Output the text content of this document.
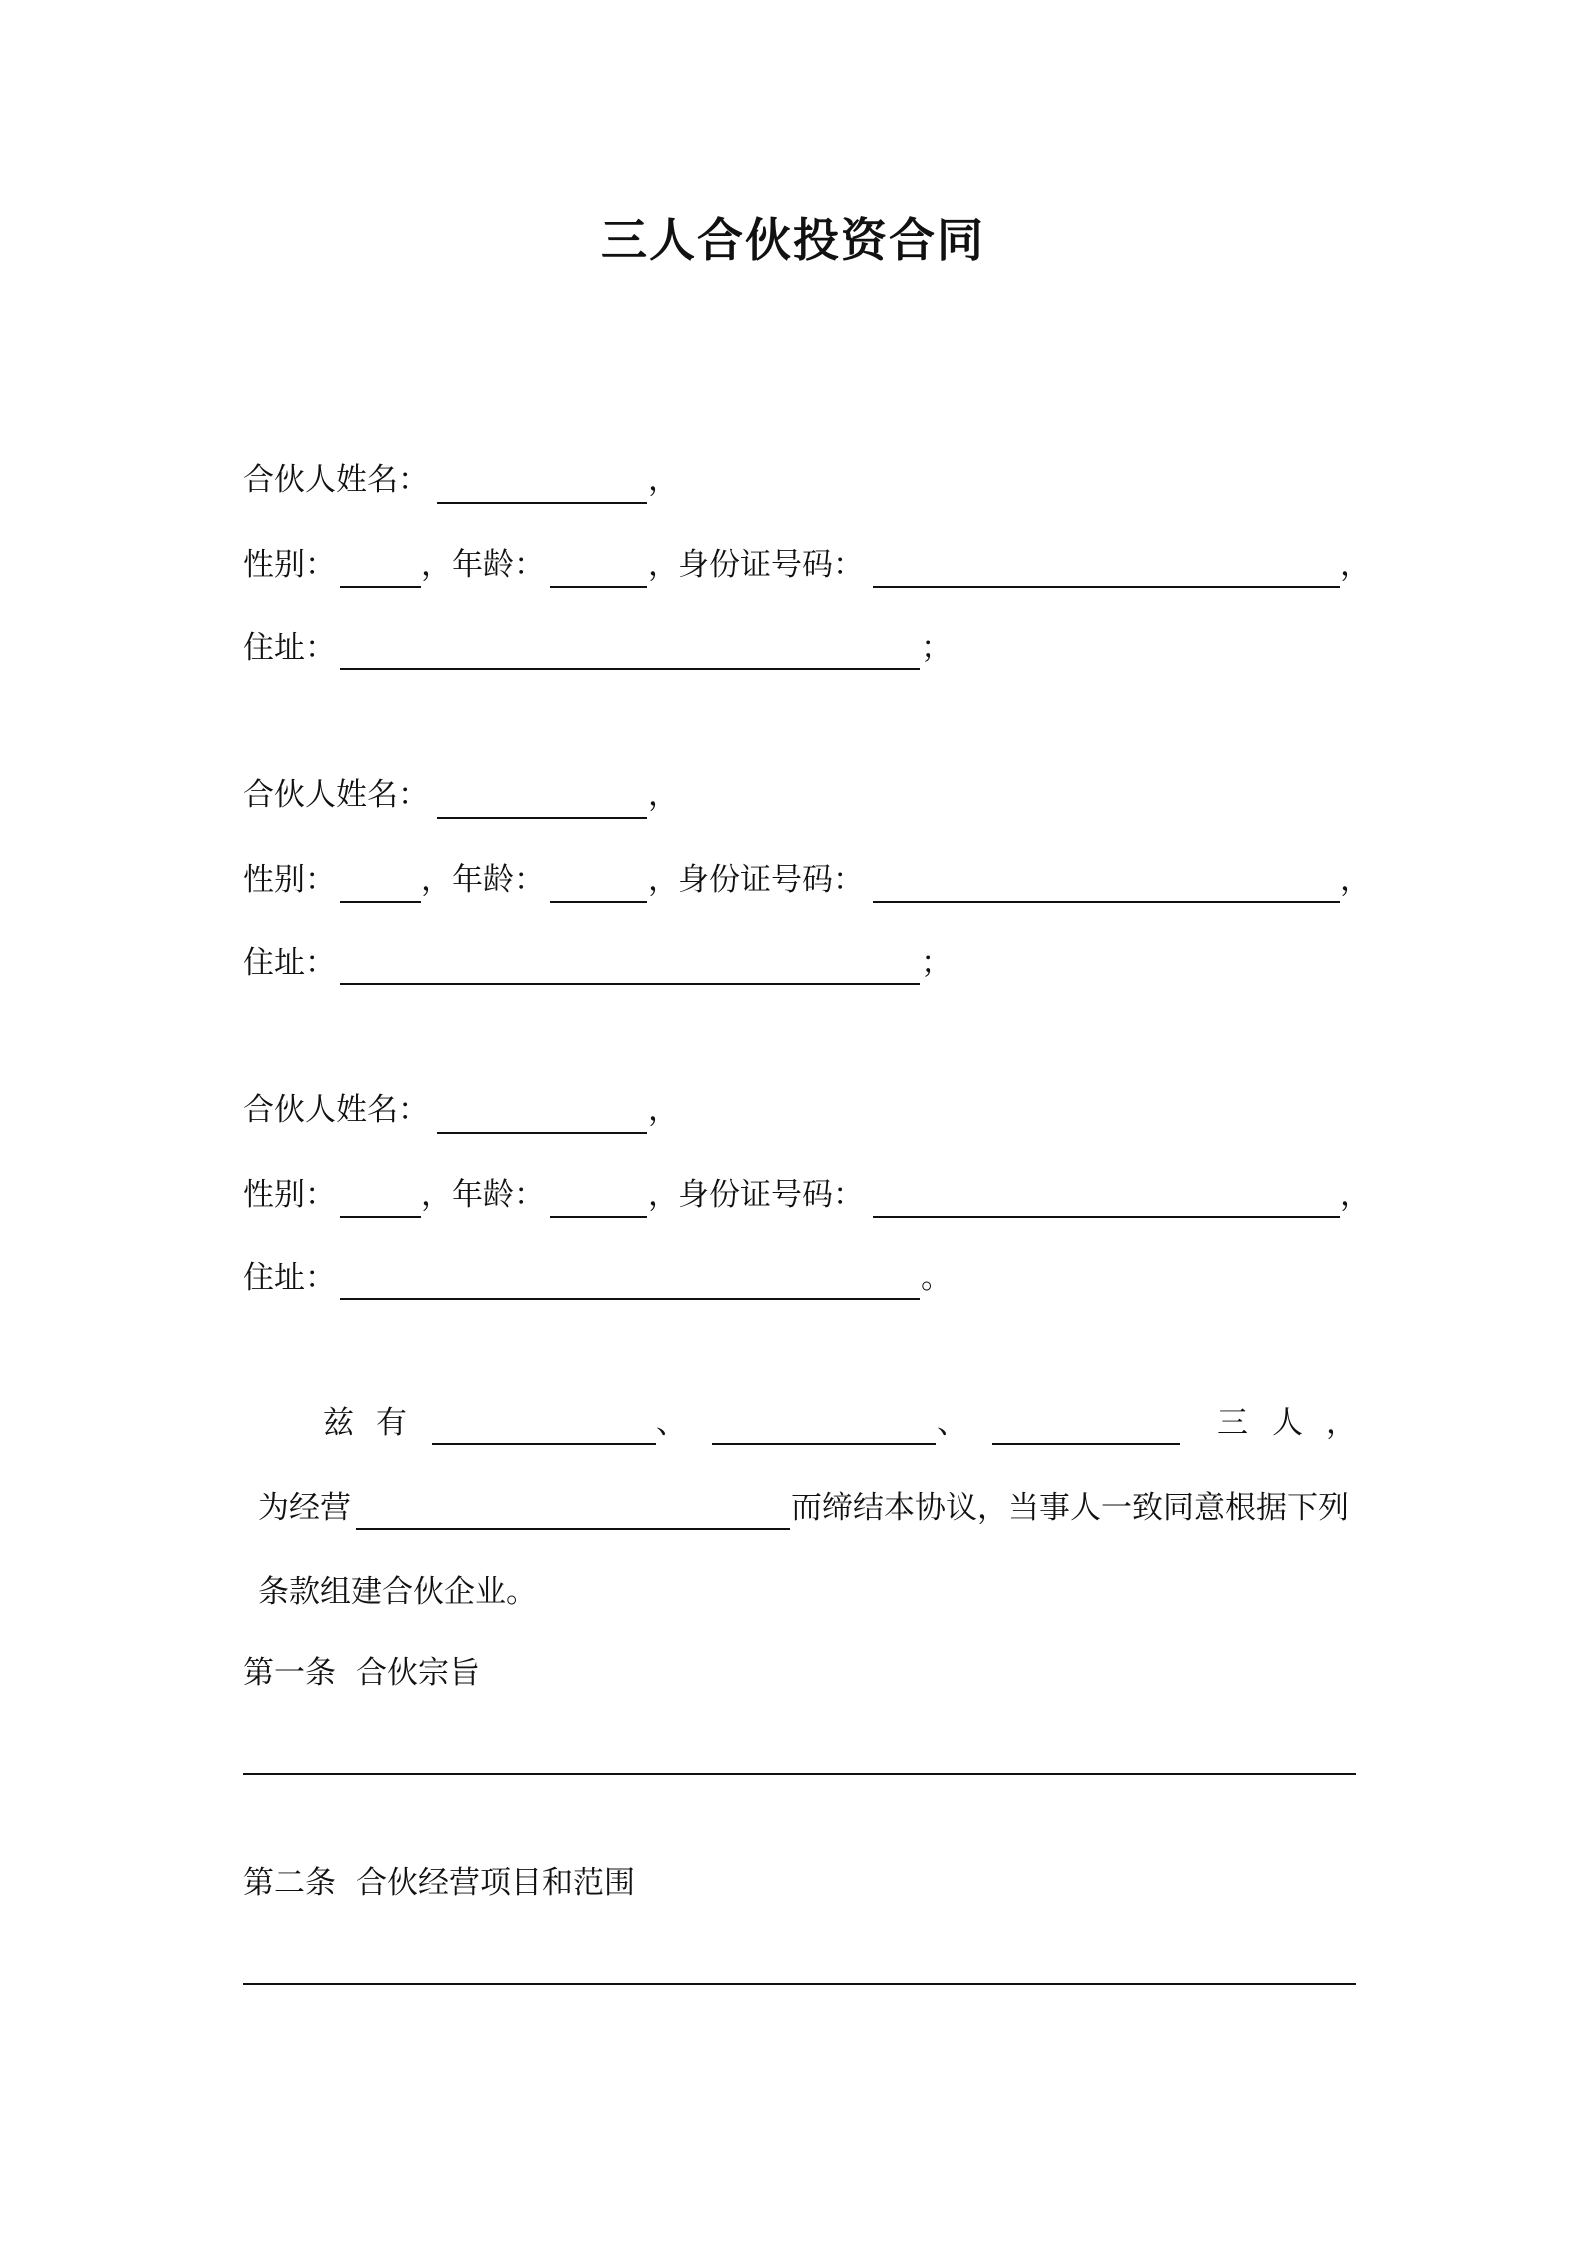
三人合伙投资合同
合伙人姓名：	，
性别：	， 年龄：	， 身份证号码：	，
住址：	；
合伙人姓名：	，
性别：	， 年龄：	， 身份证号码：	，
住址：	；
合伙人姓名：	，
性别：	， 年龄：	， 身份证号码：	，
住址：	。
兹 有	、	、	三 人 ，
为经营	而缔结本协议，当事人一致同意根据下列
条款组建合伙企业。
第一条 合伙宗旨
第二条 合伙经营项目和范围
